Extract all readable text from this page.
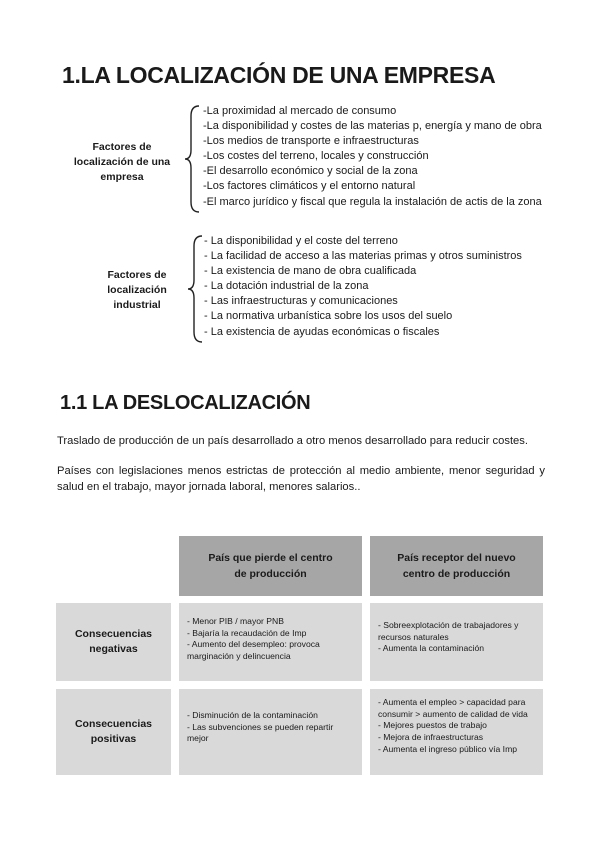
1.LA LOCALIZACIÓN DE UNA EMPRESA
Factores de localización de una empresa
-La proximidad al mercado de consumo
-La disponibilidad y costes de las materias p, energía y mano de obra
-Los medios de transporte e infraestructuras
-Los costes del terreno, locales y construcción
-El desarrollo económico y social de la zona
-Los factores climáticos y el entorno natural
-El marco jurídico y fiscal que regula la instalación de actis de la zona
Factores de localización industrial
- La disponibilidad y el coste del terreno
- La facilidad de acceso a las materias primas y otros suministros
- La existencia de mano de obra cualificada
- La dotación industrial de la zona
- Las infraestructuras y comunicaciones
- La normativa urbanística sobre los usos del suelo
- La existencia de ayudas económicas o fiscales
1.1 LA DESLOCALIZACIÓN

Traslado de producción de un país desarrollado a otro menos desarrollado para reducir costes.

Países con legislaciones menos estrictas de protección al medio ambiente, menor seguridad y salud en el trabajo, mayor jornada laboral, menores salarios..

País que pierde el centro de producción
País receptor del nuevo centro de producción
Consecuencias negativas
- Menor PIB / mayor PNB
- Bajaría la recaudación de Imp
- Aumento del desempleo: provoca marginación y delincuencia
- Sobreexplotación de trabajadores y recursos naturales
- Aumenta la contaminación
Consecuencias positivas
- Disminución de la contaminación
- Las subvenciones se pueden repartir mejor
- Aumenta el empleo > capacidad para consumir > aumento de calidad de vida
- Mejores puestos de trabajo
- Mejora de infraestructuras
- Aumenta el ingreso público vía Imp
